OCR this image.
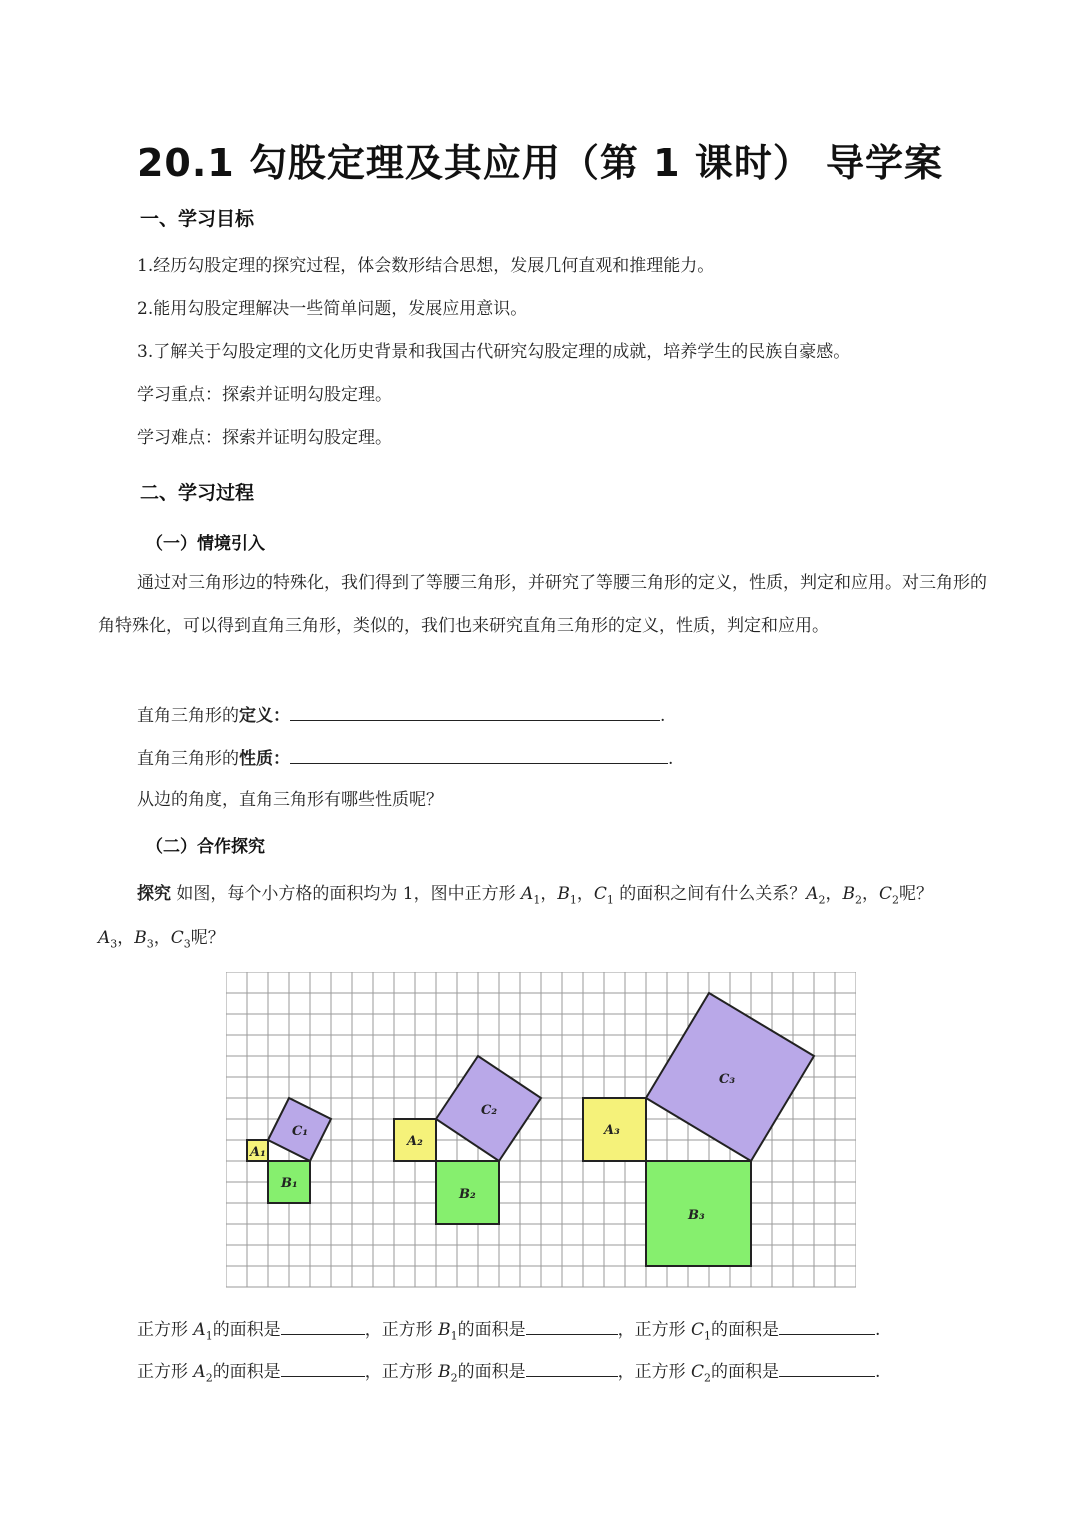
20.1 勾股定理及其应用（第 1 课时） 导学案
一、学习目标
1.经历勾股定理的探究过程，体会数形结合思想，发展几何直观和推理能力。
2.能用勾股定理解决一些简单问题，发展应用意识。
3.了解关于勾股定理的文化历史背景和我国古代研究勾股定理的成就，培养学生的民族自豪感。
学习重点：探索并证明勾股定理。
学习难点：探索并证明勾股定理。
二、学习过程
（一）情境引入
通过对三角形边的特殊化，我们得到了等腰三角形，并研究了等腰三角形的定义，性质，判定和应用。对三角形的角特殊化，可以得到直角三角形，类似的，我们也来研究直角三角形的定义，性质，判定和应用。
直角三角形的定义：	.
直角三角形的性质：	.
从边的角度，直角三角形有哪些性质呢？
（二）合作探究
探究 如图，每个小方格的面积均为 1，图中正方形 $A_1$，$B_1$，$C_1$ 的面积之间有什么关系？$A_2$，$B_2$，$C_2$呢？
$A_3$，$B_3$，$C_3$呢？
A₁
B₁
C₁
A₂
B₂
C₂
A₃
B₃
C₃
正方形 $A_1$的面积是	，正方形 $B_1$的面积是	，正方形 $C_1$的面积是	.
正方形 $A_2$的面积是	，正方形 $B_2$的面积是	，正方形 $C_2$的面积是	.
